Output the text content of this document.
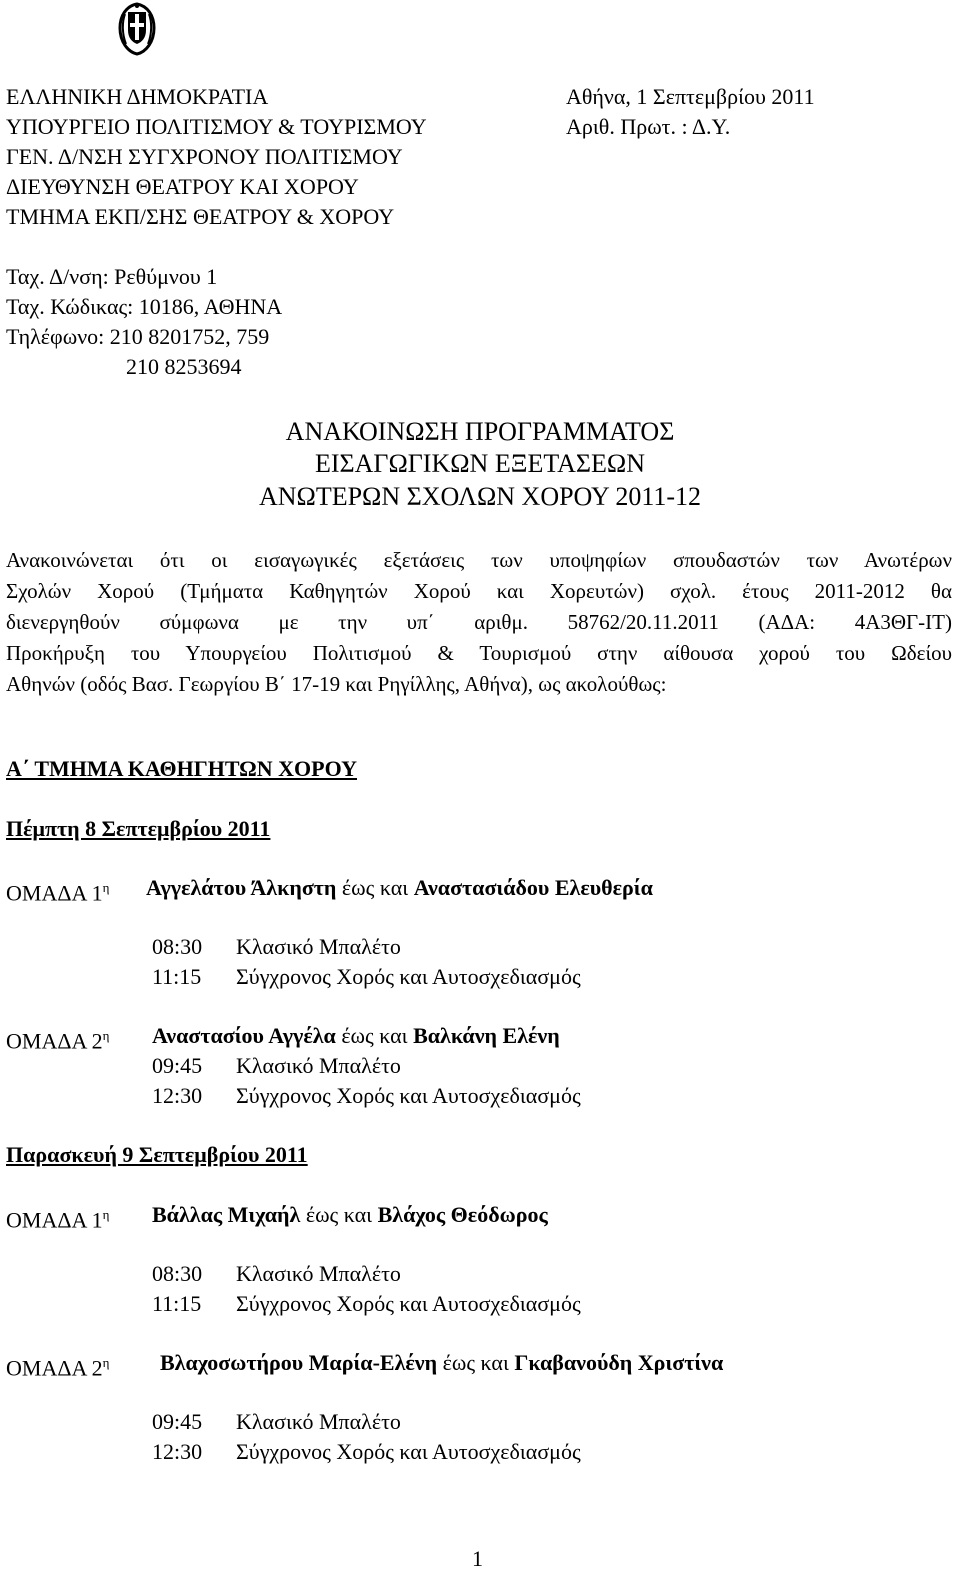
ΕΛΛΗΝΙΚΗ ΔΗΜΟΚΡΑΤΙΑ
ΥΠΟΥΡΓΕΙΟ ΠΟΛΙΤΙΣΜΟΥ & ΤΟΥΡΙΣΜΟΥ
ΓΕΝ. Δ/ΝΣΗ ΣΥΓΧΡΟΝΟΥ ΠΟΛΙΤΙΣΜΟΥ
ΔΙΕΥΘΥΝΣΗ ΘΕΑΤΡΟΥ ΚΑΙ ΧΟΡΟΥ
ΤΜΗΜΑ ΕΚΠ/ΣΗΣ ΘΕΑΤΡΟΥ & ΧΟΡΟΥ
Αθήνα, 1 Σεπτεμβρίου 2011
Αριθ. Πρωτ. : Δ.Υ.
Ταχ. Δ/νση: Ρεθύμνου 1
Ταχ. Κώδικας: 10186, ΑΘΗΝΑ
Τηλέφωνο: 210 8201752, 759
210 8253694
ΑΝΑΚΟΙΝΩΣΗ ΠΡΟΓΡΑΜΜΑΤΟΣ
ΕΙΣΑΓΩΓΙΚΩΝ ΕΞΕΤΑΣΕΩΝ
ΑΝΩΤΕΡΩΝ ΣΧΟΛΩΝ ΧΟΡΟΥ 2011-12
Ανακοινώνεται ότι οι εισαγωγικές εξετάσεις των υποψηφίων σπουδαστών των Ανωτέρων
Σχολών Χορού (Τμήματα Καθηγητών Χορού και Χορευτών) σχολ. έτους 2011-2012 θα
διενεργηθούν σύμφωνα με την υπ΄ αριθμ. 58762/20.11.2011 (ΑΔΑ: 4Α3ΘΓ-ΙΤ)
Προκήρυξη του Υπουργείου Πολιτισμού & Τουρισμού στην αίθουσα χορού του Ωδείου
Αθηνών (οδός Βασ. Γεωργίου Β΄ 17-19 και Ρηγίλλης, Αθήνα), ως ακολούθως:
Α΄ ΤΜΗΜΑ ΚΑΘΗΓΗΤΩΝ ΧΟΡΟΥ
Πέμπτη 8 Σεπτεμβρίου 2011
ΟΜΑΔΑ $1^\eta$ Αγγελάτου Άλκηστη έως και Αναστασιάδου Ελευθερία
08:30 Κλασικό Μπαλέτο
11:15 Σύγχρονος Χορός και Αυτοσχεδιασμός
ΟΜΑΔΑ $2^\eta$ Αναστασίου Αγγέλα έως και Βαλκάνη Ελένη
09:45 Κλασικό Μπαλέτο
12:30 Σύγχρονος Χορός και Αυτοσχεδιασμός
Παρασκευή 9 Σεπτεμβρίου 2011
ΟΜΑΔΑ $1^\eta$ Βάλλας Μιχαήλ έως και Βλάχος Θεόδωρος
08:30 Κλασικό Μπαλέτο
11:15 Σύγχρονος Χορός και Αυτοσχεδιασμός
ΟΜΑΔΑ $2^\eta$ Βλαχοσωτήρου Μαρία-Ελένη έως και Γκαβανούδη Χριστίνα
09:45 Κλασικό Μπαλέτο
12:30 Σύγχρονος Χορός και Αυτοσχεδιασμός
1
